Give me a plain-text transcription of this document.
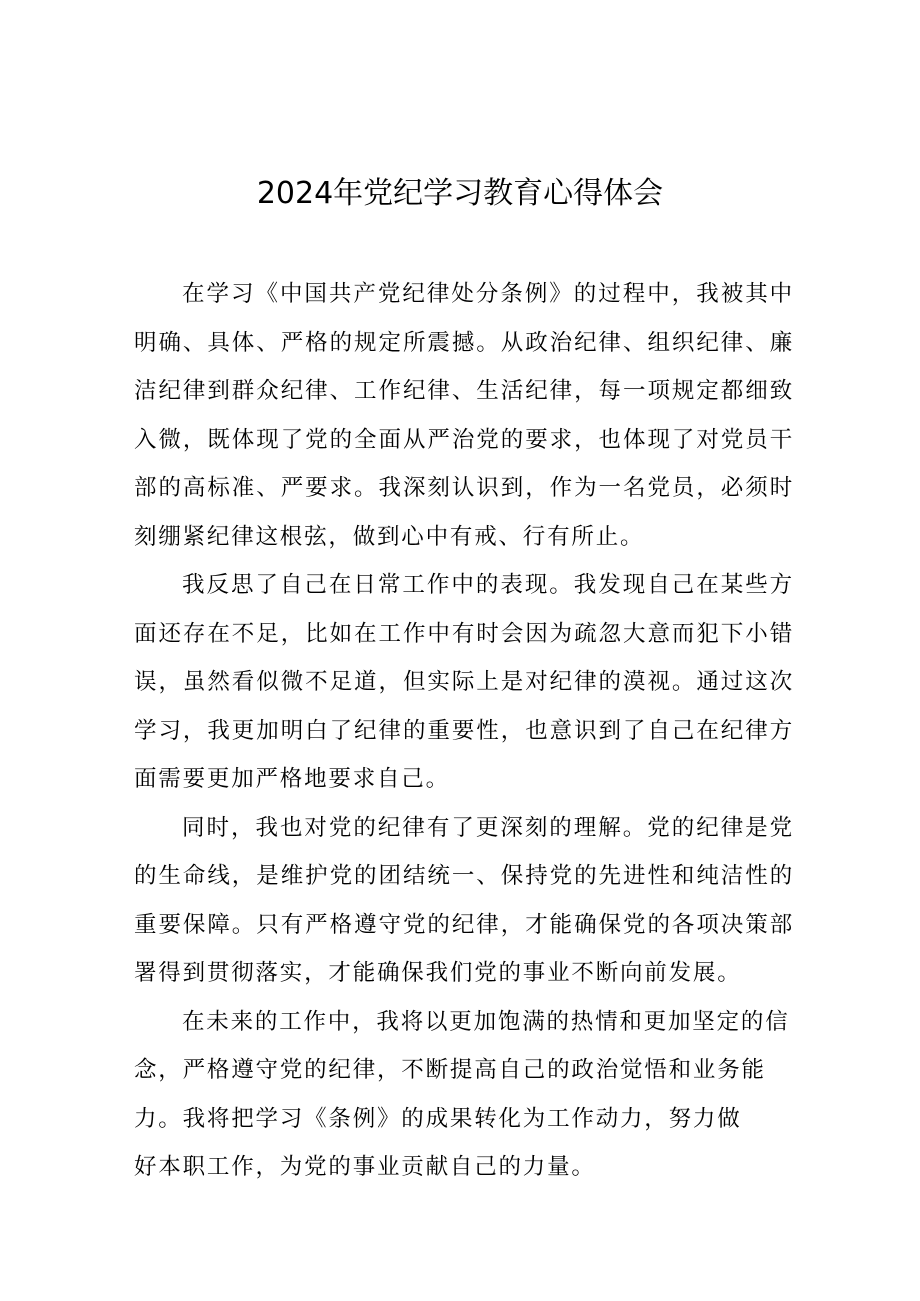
2024年党纪学习教育心得体会

在学习《中国共产党纪律处分条例》的过程中，我被其中明确、具体、严格的规定所震撼。从政治纪律、组织纪律、廉洁纪律到群众纪律、工作纪律、生活纪律，每一项规定都细致入微，既体现了党的全面从严治党的要求，也体现了对党员干部的高标准、严要求。我深刻认识到，作为一名党员，必须时刻绷紧纪律这根弦，做到心中有戒、行有所止。

我反思了自己在日常工作中的表现。我发现自己在某些方面还存在不足，比如在工作中有时会因为疏忽大意而犯下小错误，虽然看似微不足道，但实际上是对纪律的漠视。通过这次学习，我更加明白了纪律的重要性，也意识到了自己在纪律方面需要更加严格地要求自己。

同时，我也对党的纪律有了更深刻的理解。党的纪律是党的生命线，是维护党的团结统一、保持党的先进性和纯洁性的重要保障。只有严格遵守党的纪律，才能确保党的各项决策部署得到贯彻落实，才能确保我们党的事业不断向前发展。

在未来的工作中，我将以更加饱满的热情和更加坚定的信念，严格遵守党的纪律，不断提高自己的政治觉悟和业务能力。我将把学习《条例》的成果转化为工作动力，努力做
好本职工作，为党的事业贡献自己的力量。
